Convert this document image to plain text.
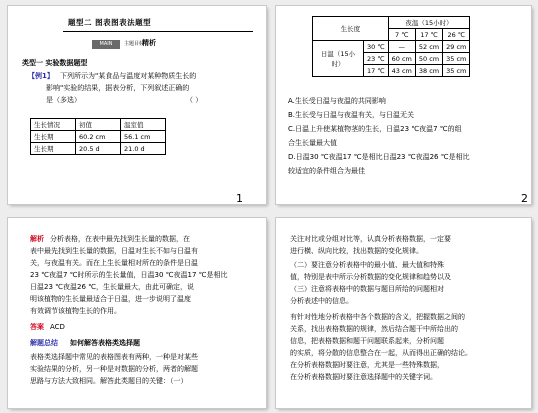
题型二 图表图表法题型
MAIN POINTS
主题目标
精析
类型一 实验数据题型
【例1】 下列所示为"某食品与温度对某种物质生长的
影响"实验的结果，据表分析，下列叙述正确的
是（多选）	（ ）
生长情况	初值	温室值
生长期	60.2 cm	56.1 cm
生长期	20.5 d	21.0 d
1
生长度		夜温（15小时）		
		7 ℃	17 ℃	26 ℃
日温（15小时）	30 ℃	—	52 cm	29 cm
	23 ℃	60 cm	50 cm	35 cm
	17 ℃	43 cm	38 cm	35 cm
A.生长受日温与夜温的共同影响
B.生长受与日温与夜温有关，与日温无关
C.日温上升使某植物茎的生长，日温23 ℃夜温7 ℃的组
合生长量最大值
D.日温30 ℃夜温17 ℃是相比日温23 ℃夜温26 ℃是相比
较适宜的条件组合为最佳
2
解析 分析表格，在表中最先找到生长量的数据，在
表中最先找到生长量的数据，日温对生长不如与日温有
关，与夜温有关。而在上生长量相对所在的条件是日温
23 ℃夜温7 ℃时所示的生长量值，日温30 ℃夜温17 ℃是相比
日温23 ℃夜温26 ℃，生长量最大，由此可确定，说
明该植物的生长量最适合于日温，进一步说明了温度
有效调节该植物生长的作用。
答案 ACD
解题总结 如何解答表格类选择题
表格类选择题中常见的表格图表有两种，一种是对某些
实验结果的分析，另一种是对数据的分析，两者的解题
思路与方法大致相同。解答此类题目的关键：（一）
关注对比或分组对比等，认真分析表格数据，一定要
进行横、纵向比较，找出数据的变化规律。
（二）要注意分析表格中的最小值、最大值和特殊
值，特别是表中所示分析数据的变化规律和趋势以及
（三）注意将表格中的数据与题目所给的问题相对
分析表述中的信息。
有针对性地分析表格中各个数据的含义，把握数据之间的
关系，找出表格数据的规律，然后结合题干中所给出的
信息，把表格数据和题干问题联系起来，分析问题
的实质，将分散的信息整合在一起，从而得出正确的结论。
在分析表格数据时要注意，尤其是一些特殊数据，
在分析表格数据时要注意选择题中的关键字词。
